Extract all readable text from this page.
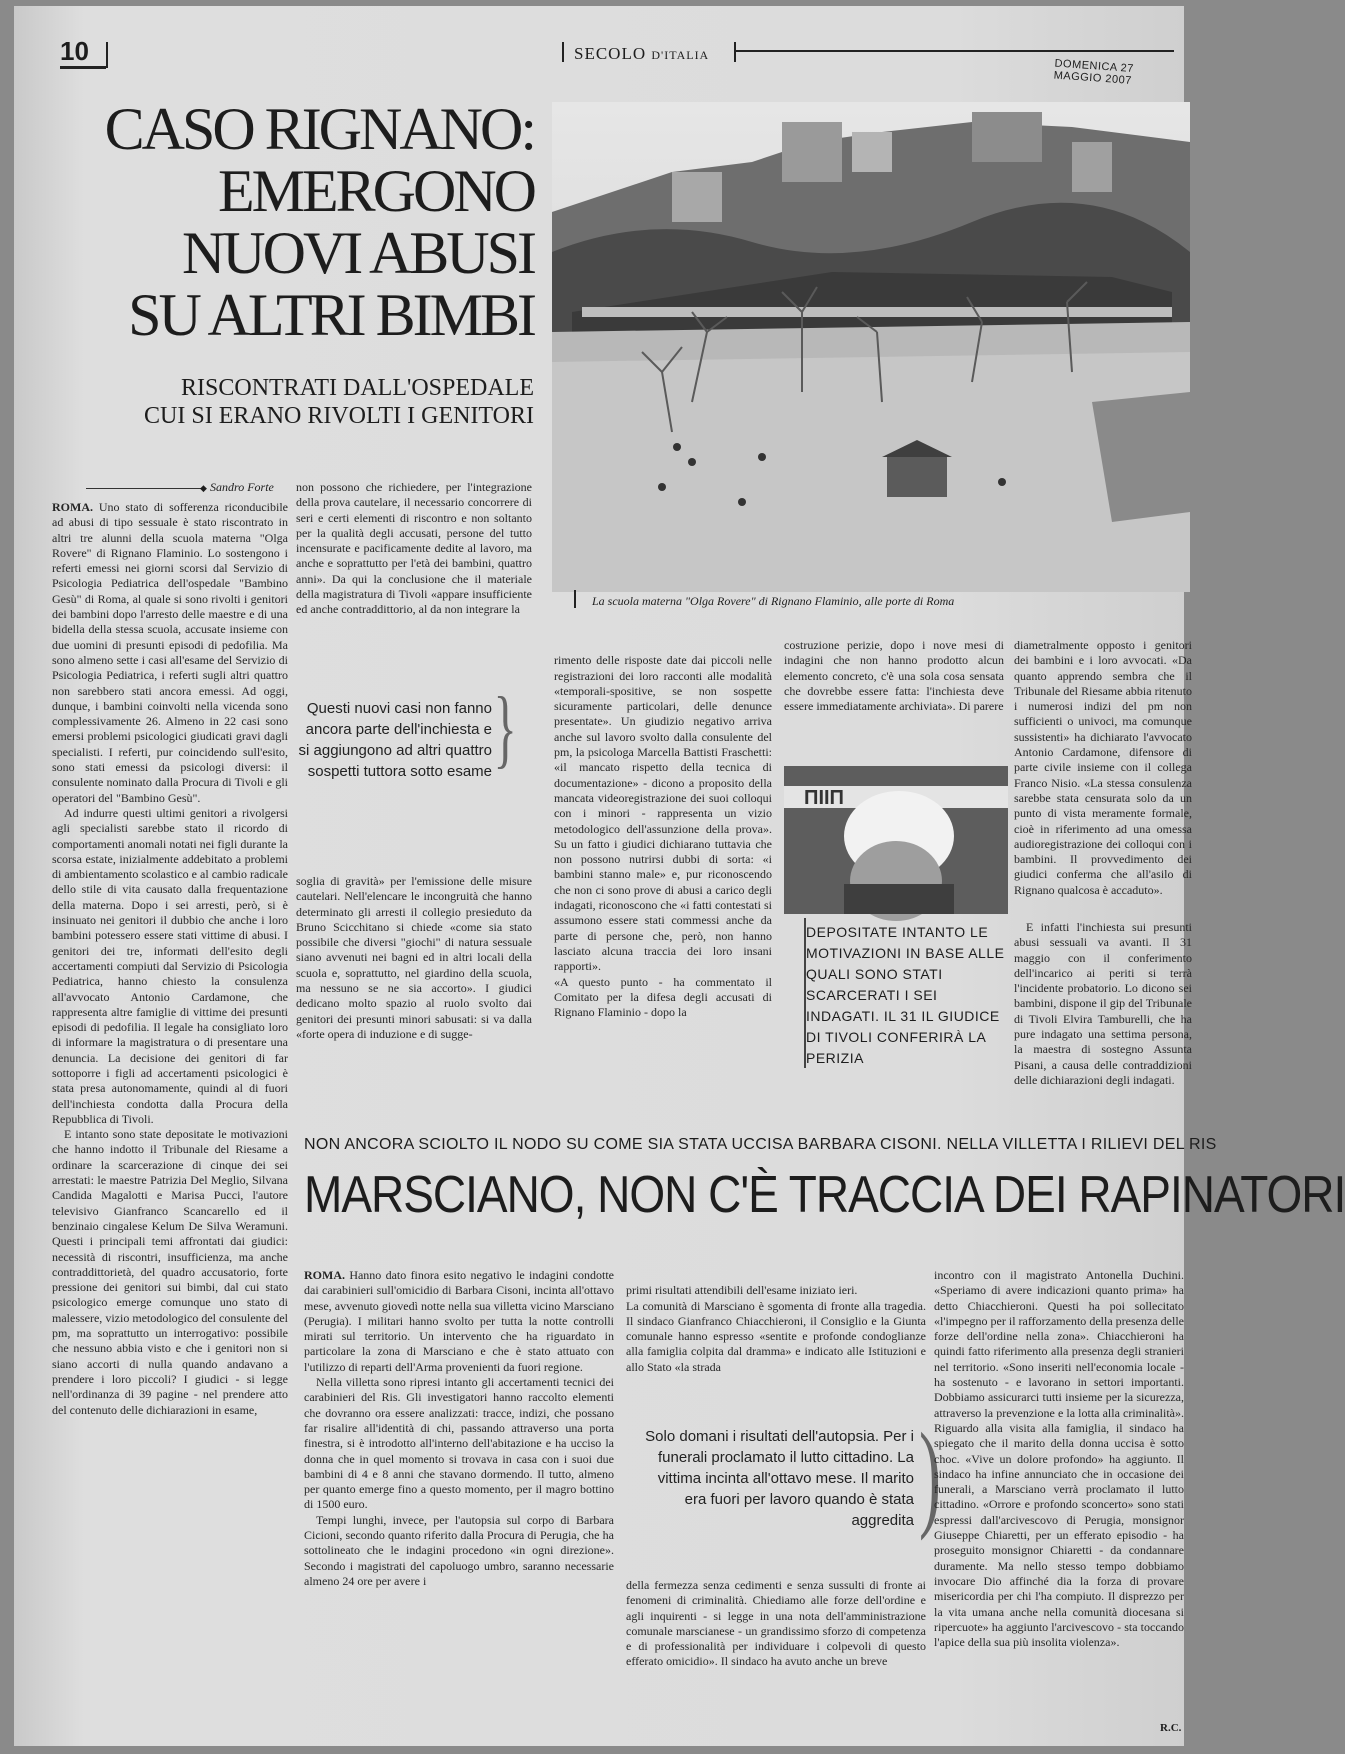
10	SECOLO D'ITALIA
DOMENICA 27 MAGGIO 2007
CASO RIGNANO:
EMERGONO
NUOVI ABUSI
SU ALTRI BIMBI
RISCONTRATI DALL'OSPEDALE
CUI SI ERANO RIVOLTI I GENITORI
La scuola materna "Olga Rovere" di Rignano Flaminio, alle porte di Roma
◆ Sandro Forte

ROMA. Uno stato di sofferenza riconducibile ad abusi di tipo sessuale è stato riscontrato in altri tre alunni della scuola materna "Olga Rovere" di Rignano Flaminio. Lo sostengono i referti emessi nei giorni scorsi dal Servizio di Psicologia Pediatrica dell'ospedale "Bambino Gesù" di Roma, al quale si sono rivolti i genitori dei bambini dopo l'arresto delle maestre e di una bidella della stessa scuola, accusate insieme con due uomini di presunti episodi di pedofilia. Ma sono almeno sette i casi all'esame del Servizio di Psicologia Pediatrica, i referti sugli altri quattro non sarebbero stati ancora emessi. Ad oggi, dunque, i bambini coinvolti nella vicenda sono complessivamente 26. Almeno in 22 casi sono emersi problemi psicologici giudicati gravi dagli specialisti. I referti, pur coincidendo sull'esito, sono stati emessi da psicologi diversi: il consulente nominato dalla Procura di Tivoli e gli operatori del "Bambino Gesù".

Ad indurre questi ultimi genitori a rivolgersi agli specialisti sarebbe stato il ricordo di comportamenti anomali notati nei figli durante la scorsa estate, inizialmente addebitato a problemi di ambientamento scolastico e al cambio radicale dello stile di vita causato dalla frequentazione della materna. Dopo i sei arresti, però, si è insinuato nei genitori il dubbio che anche i loro bambini potessero essere stati vittime di abusi. I genitori dei tre, informati dell'esito degli accertamenti compiuti dal Servizio di Psicologia Pediatrica, hanno chiesto la consulenza all'avvocato Antonio Cardamone, che rappresenta altre famiglie di vittime dei presunti episodi di pedofilia. Il legale ha consigliato loro di informare la magistratura o di presentare una denuncia. La decisione dei genitori di far sottoporre i figli ad accertamenti psicologici è stata presa autonomamente, quindi al di fuori dell'inchiesta condotta dalla Procura della Repubblica di Tivoli.

E intanto sono state depositate le motivazioni che hanno indotto il Tribunale del Riesame a ordinare la scarcerazione di cinque dei sei arrestati: le maestre Patrizia Del Meglio, Silvana Candida Magalotti e Marisa Pucci, l'autore televisivo Gianfranco Scancarello ed il benzinaio cingalese Kelum De Silva Weramuni. Questi i principali temi affrontati dai giudici: necessità di riscontri, insufficienza, ma anche contraddittorietà, del quadro accusatorio, forte pressione dei genitori sui bimbi, dal cui stato psicologico emerge comunque uno stato di malessere, vizio metodologico del consulente del pm, ma soprattutto un interrogativo: possibile che nessuno abbia visto e che i genitori non si siano accorti di nulla quando andavano a prendere i loro piccoli? I giudici - si legge nell'ordinanza di 39 pagine - nel prendere atto del contenuto delle dichiarazioni in esame,

non possono che richiedere, per l'integrazione della prova cautelare, il necessario concorrere di seri e certi elementi di riscontro e non soltanto per la qualità degli accusati, persone del tutto incensurate e pacificamente dedite al lavoro, ma anche e soprattutto per l'età dei bambini, quattro anni». Da qui la conclusione che il materiale della magistratura di Tivoli «appare insufficiente ed anche contraddittorio, al da non integrare la

Questi nuovi casi non fanno ancora parte dell'inchiesta e si aggiungono ad altri quattro sospetti tuttora sotto esame }

soglia di gravità» per l'emissione delle misure cautelari. Nell'elencare le incongruità che hanno determinato gli arresti il collegio presieduto da Bruno Scicchitano si chiede «come sia stato possibile che diversi "giochi" di natura sessuale siano avvenuti nei bagni ed in altri locali della scuola e, soprattutto, nel giardino della scuola, ma nessuno se ne sia accorto». I giudici dedicano molto spazio al ruolo svolto dai genitori dei presunti minori sabusati: si va dalla «forte opera di induzione e di sugge-

rimento delle risposte date dai piccoli nelle registrazioni dei loro racconti alle modalità «temporali-spositive, se non sospette sicuramente particolari, delle denunce presentate». Un giudizio negativo arriva anche sul lavoro svolto dalla consulente del pm, la psicologa Marcella Battisti Fraschetti: «il mancato rispetto della tecnica di documentazione» - dicono a proposito della mancata videoregistrazione dei suoi colloqui con i minori - rappresenta un vizio metodologico dell'assunzione della prova». Su un fatto i giudici dichiarano tuttavia che non possono nutrirsi dubbi di sorta: «i bambini stanno male» e, pur riconoscendo che non ci sono prove di abusi a carico degli indagati, riconoscono che «i fatti contestati si assumono essere stati commessi anche da parte di persone che, però, non hanno lasciato alcuna traccia dei loro insani rapporti».
«A questo punto - ha commentato il Comitato per la difesa degli accusati di Rignano Flaminio - dopo la

costruzione perizie, dopo i nove mesi di indagini che non hanno prodotto alcun elemento concreto, c'è una sola cosa sensata che dovrebbe essere fatta: l'inchiesta deve essere immediatamente archiviata». Di parere

ΠΙΙΠ
DEPOSITATE INTANTO LE MOTIVAZIONI IN BASE ALLE QUALI SONO STATI SCARCERATI I SEI INDAGATI. IL 31 IL GIUDICE DI TIVOLI CONFERIRÀ LA PERIZIA

diametralmente opposto i genitori dei bambini e i loro avvocati. «Da quanto apprendo sembra che il Tribunale del Riesame abbia ritenuto i numerosi indizi del pm non sufficienti o univoci, ma comunque sussistenti» ha dichiarato l'avvocato Antonio Cardamone, difensore di parte civile insieme con il collega Franco Nisio. «La stessa consulenza sarebbe stata censurata solo da un punto di vista meramente formale, cioè in riferimento ad una omessa audioregistrazione dei colloqui con i bambini. Il provvedimento dei giudici conferma che all'asilo di Rignano qualcosa è accaduto».

E infatti l'inchiesta sui presunti abusi sessuali va avanti. Il 31 maggio con il conferimento dell'incarico ai periti si terrà l'incidente probatorio. Lo dicono sei bambini, dispone il gip del Tribunale di Tivoli Elvira Tamburelli, che ha pure indagato una settima persona, la maestra di sostegno Assunta Pisani, a causa delle contraddizioni delle dichiarazioni degli indagati.

NON ANCORA SCIOLTO IL NODO SU COME SIA STATA UCCISA BARBARA CISONI. NELLA VILLETTA I RILIEVI DEL RIS
MARSCIANO, NON C'È TRACCIA DEI RAPINATORI

ROMA. Hanno dato finora esito negativo le indagini condotte dai carabinieri sull'omicidio di Barbara Cisoni, incinta all'ottavo mese, avvenuto giovedì notte nella sua villetta vicino Marsciano (Perugia). I militari hanno svolto per tutta la notte controlli mirati sul territorio. Un intervento che ha riguardato in particolare la zona di Marsciano e che è stato attuato con l'utilizzo di reparti dell'Arma provenienti da fuori regione.

Nella villetta sono ripresi intanto gli accertamenti tecnici dei carabinieri del Ris. Gli investigatori hanno raccolto elementi che dovranno ora essere analizzati: tracce, indizi, che possano far risalire all'identità di chi, passando attraverso una porta finestra, si è introdotto all'interno dell'abitazione e ha ucciso la donna che in quel momento si trovava in casa con i suoi due bambini di 4 e 8 anni che stavano dormendo. Il tutto, almeno per quanto emerge fino a questo momento, per il magro bottino di 1500 euro.

Tempi lunghi, invece, per l'autopsia sul corpo di Barbara Cicioni, secondo quanto riferito dalla Procura di Perugia, che ha sottolineato che le indagini procedono «in ogni direzione». Secondo i magistrati del capoluogo umbro, saranno necessarie almeno 24 ore per avere i

primi risultati attendibili dell'esame iniziato ieri.
La comunità di Marsciano è sgomenta di fronte alla tragedia. Il sindaco Gianfranco Chiacchieroni, il Consiglio e la Giunta comunale hanno espresso «sentite e profonde condoglianze alla famiglia colpita dal dramma» e indicato alle Istituzioni e allo Stato «la strada

Solo domani i risultati dell'autopsia. Per i funerali proclamato il lutto cittadino. La vittima incinta all'ottavo mese. Il marito era fuori per lavoro quando è stata aggredita )

della fermezza senza cedimenti e senza sussulti di fronte ai fenomeni di criminalità. Chiediamo alle forze dell'ordine e agli inquirenti - si legge in una nota dell'amministrazione comunale marscianese - un grandissimo sforzo di competenza e di professionalità per individuare i colpevoli di questo efferato omicidio». Il sindaco ha avuto anche un breve

incontro con il magistrato Antonella Duchini. «Speriamo di avere indicazioni quanto prima» ha detto Chiacchieroni. Questi ha poi sollecitato «l'impegno per il rafforzamento della presenza delle forze dell'ordine nella zona». Chiacchieroni ha quindi fatto riferimento alla presenza degli stranieri nel territorio. «Sono inseriti nell'economia locale - ha sostenuto - e lavorano in settori importanti. Dobbiamo assicurarci tutti insieme per la sicurezza, attraverso la prevenzione e la lotta alla criminalità». Riguardo alla visita alla famiglia, il sindaco ha spiegato che il marito della donna uccisa è sotto choc. «Vive un dolore profondo» ha aggiunto. Il sindaco ha infine annunciato che in occasione dei funerali, a Marsciano verrà proclamato il lutto cittadino. «Orrore e profondo sconcerto» sono stati espressi dall'arcivescovo di Perugia, monsignor Giuseppe Chiaretti, per un efferato episodio - ha proseguito monsignor Chiaretti - da condannare duramente. Ma nello stesso tempo dobbiamo invocare Dio affinché dia la forza di provare misericordia per chi l'ha compiuto. Il disprezzo per la vita umana anche nella comunità diocesana si ripercuote» ha aggiunto l'arcivescovo - sta toccando l'apice della sua più insolita violenza».

R.C.
